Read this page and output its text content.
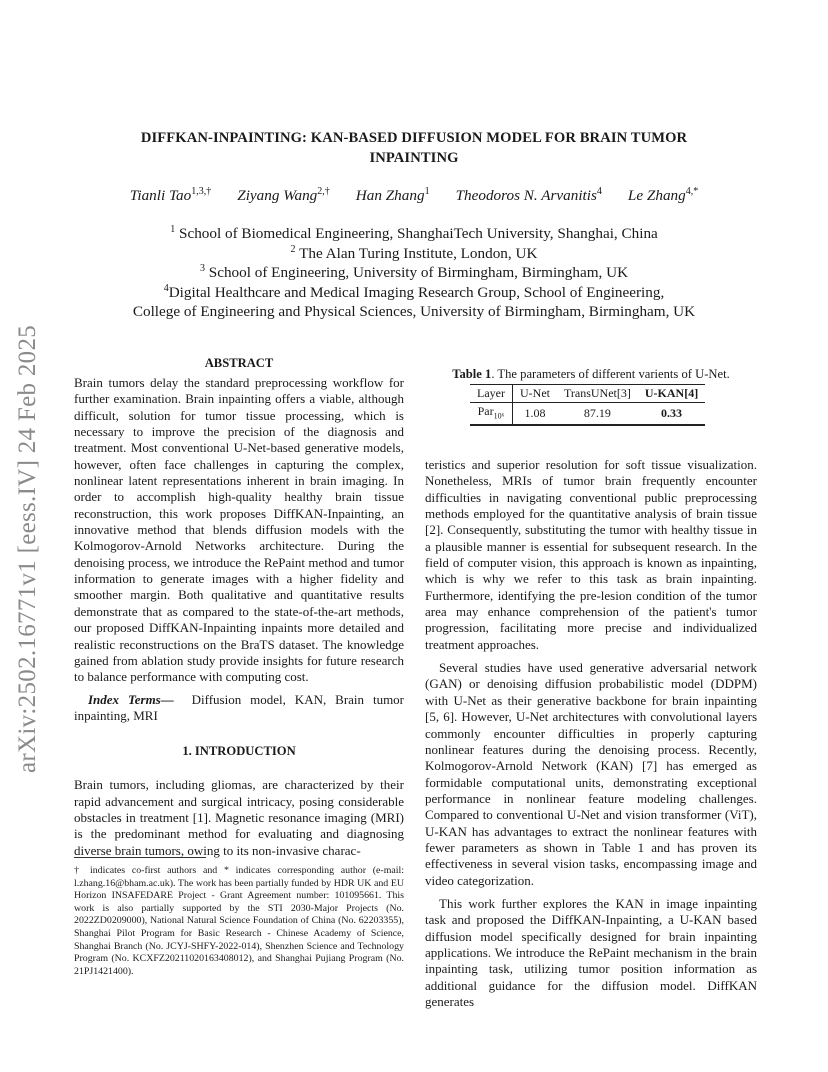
arXiv:2502.16771v1 [eess.IV] 24 Feb 2025
DIFFKAN-INPAINTING: KAN-BASED DIFFUSION MODEL FOR BRAIN TUMOR
INPAINTING
Tianli Tao$^{1,3,\dagger}$ Ziyang Wang$^{2,\dagger}$ Han Zhang$^1$ Theodoros N. Arvanitis$^4$ Le Zhang$^{4,*}$
$^1$ School of Biomedical Engineering, ShanghaiTech University, Shanghai, China
$^2$ The Alan Turing Institute, London, UK
$^3$ School of Engineering, University of Birmingham, Birmingham, UK
$^4$Digital Healthcare and Medical Imaging Research Group, School of Engineering,
College of Engineering and Physical Sciences, University of Birmingham, Birmingham, UK
ABSTRACT

Brain tumors delay the standard preprocessing workflow for further examination. Brain inpainting offers a viable, although difficult, solution for tumor tissue processing, which is necessary to improve the precision of the diagnosis and treatment. Most conventional U-Net-based generative models, however, often face challenges in capturing the complex, nonlinear latent representations inherent in brain imaging. In order to accomplish high-quality healthy brain tissue reconstruction, this work proposes DiffKAN-Inpainting, an innovative method that blends diffusion models with the Kolmogorov-Arnold Networks architecture. During the denoising process, we introduce the RePaint method and tumor information to generate images with a higher fidelity and smoother margin. Both qualitative and quantitative results demonstrate that as compared to the state-of-the-art methods, our proposed DiffKAN-Inpainting inpaints more detailed and realistic reconstructions on the BraTS dataset. The knowledge gained from ablation study provide insights for future research to balance performance with computing cost.

Index Terms— Diffusion model, KAN, Brain tumor inpainting, MRI

1. INTRODUCTION

Brain tumors, including gliomas, are characterized by their rapid advancement and surgical intricacy, posing considerable obstacles in treatment [1]. Magnetic resonance imaging (MRI) is the predominant method for evaluating and diagnosing diverse brain tumors, owing to its non-invasive charac-

† indicates co-first authors and * indicates corresponding author (e-mail: l.zhang.16@bham.ac.uk). The work has been partially funded by HDR UK and EU Horizon INSAFEDARE Project - Grant Agreement number: 101095661. This work is also partially supported by the STI 2030-Major Projects (No. 2022ZD0209000), National Natural Science Foundation of China (No. 62203355), Shanghai Pilot Program for Basic Research - Chinese Academy of Science, Shanghai Branch (No. JCYJ-SHFY-2022-014), Shenzhen Science and Technology Program (No. KCXFZ20211020163408012), and Shanghai Pujiang Program (No. 21PJ1421400).
Table 1. The parameters of different varients of U-Net.
Layer	U-Net	TransUNet[3]	U-KAN[4]
Par$_{10^6}$	1.08	87.19	0.33

teristics and superior resolution for soft tissue visualization. Nonetheless, MRIs of tumor brain frequently encounter difficulties in navigating conventional public preprocessing methods employed for the quantitative analysis of brain tissue [2]. Consequently, substituting the tumor with healthy tissue in a plausible manner is essential for subsequent research. In the field of computer vision, this approach is known as inpainting, which is why we refer to this task as brain inpainting. Furthermore, identifying the pre-lesion condition of the tumor area may enhance comprehension of the patient's tumor progression, facilitating more precise and individualized treatment approaches.

Several studies have used generative adversarial network (GAN) or denoising diffusion probabilistic model (DDPM) with U-Net as their generative backbone for brain inpainting [5, 6]. However, U-Net architectures with convolutional layers commonly encounter difficulties in properly capturing nonlinear features during the denoising process. Recently, Kolmogorov-Arnold Network (KAN) [7] has emerged as formidable computational units, demonstrating exceptional performance in nonlinear feature modeling challenges. Compared to conventional U-Net and vision transformer (ViT), U-KAN has advantages to extract the nonlinear features with fewer parameters as shown in Table 1 and has proven its effectiveness in several vision tasks, encompassing image and video categorization.

This work further explores the KAN in image inpainting task and proposed the DiffKAN-Inpainting, a U-KAN based diffusion model specifically designed for brain inpainting applications. We introduce the RePaint mechanism in the brain inpainting task, utilizing tumor position information as additional guidance for the diffusion model. DiffKAN generates
